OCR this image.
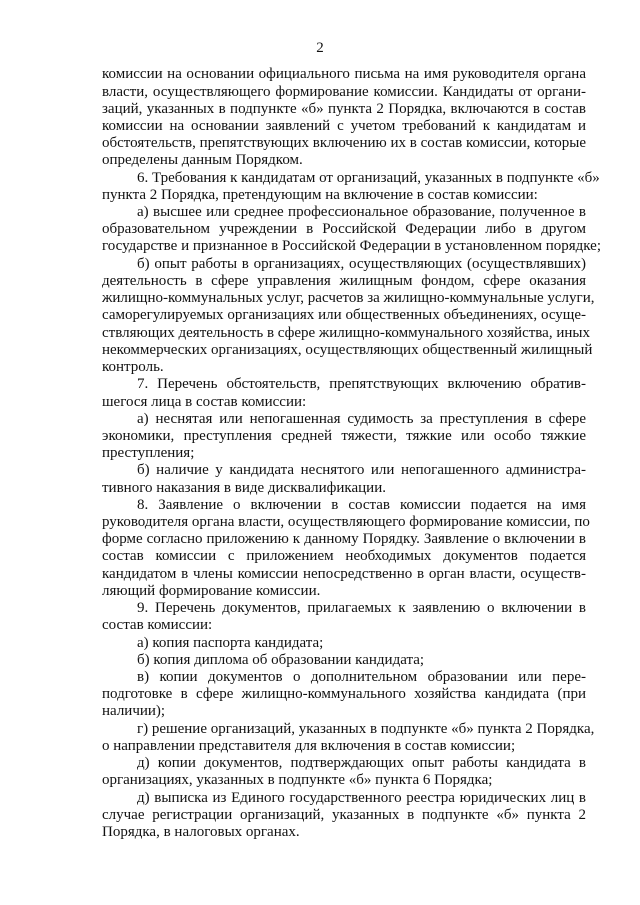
2
комиссии на основании официального письма на имя руководителя органа
власти, осуществляющего формирование комиссии. Кандидаты от органи-
заций, указанных в подпункте «б» пункта 2 Порядка, включаются в состав
комиссии на основании заявлений с учетом требований к кандидатам и
обстоятельств, препятствующих включению их в состав комиссии, которые
определены данным Порядком.
6. Требования к кандидатам от организаций, указанных в подпункте «б»
пункта 2 Порядка, претендующим на включение в состав комиссии:
а) высшее или среднее профессиональное образование, полученное в
образовательном учреждении в Российской Федерации либо в другом
государстве и признанное в Российской Федерации в установленном порядке;
б) опыт работы в организациях, осуществляющих (осуществлявших)
деятельность в сфере управления жилищным фондом, сфере оказания
жилищно-коммунальных услуг, расчетов за жилищно-коммунальные услуги,
саморегулируемых организациях или общественных объединениях, осуще-
ствляющих деятельность в сфере жилищно-коммунального хозяйства, иных
некоммерческих организациях, осуществляющих общественный жилищный
контроль.
7. Перечень обстоятельств, препятствующих включению обратив-
шегося лица в состав комиссии:
а) неснятая или непогашенная судимость за преступления в сфере
экономики, преступления средней тяжести, тяжкие или особо тяжкие
преступления;
б) наличие у кандидата неснятого или непогашенного администра-
тивного наказания в виде дисквалификации.
8. Заявление о включении в состав комиссии подается на имя
руководителя органа власти, осуществляющего формирование комиссии, по
форме согласно приложению к данному Порядку. Заявление о включении в
состав комиссии с приложением необходимых документов подается
кандидатом в члены комиссии непосредственно в орган власти, осуществ-
ляющий формирование комиссии.
9. Перечень документов, прилагаемых к заявлению о включении в
состав комиссии:
а) копия паспорта кандидата;
б) копия диплома об образовании кандидата;
в) копии документов о дополнительном образовании или пере-
подготовке в сфере жилищно-коммунального хозяйства кандидата (при
наличии);
г) решение организаций, указанных в подпункте «б» пункта 2 Порядка,
о направлении представителя для включения в состав комиссии;
д) копии документов, подтверждающих опыт работы кандидата в
организациях, указанных в подпункте «б» пункта 6 Порядка;
д) выписка из Единого государственного реестра юридических лиц в
случае регистрации организаций, указанных в подпункте «б» пункта 2
Порядка, в налоговых органах.
